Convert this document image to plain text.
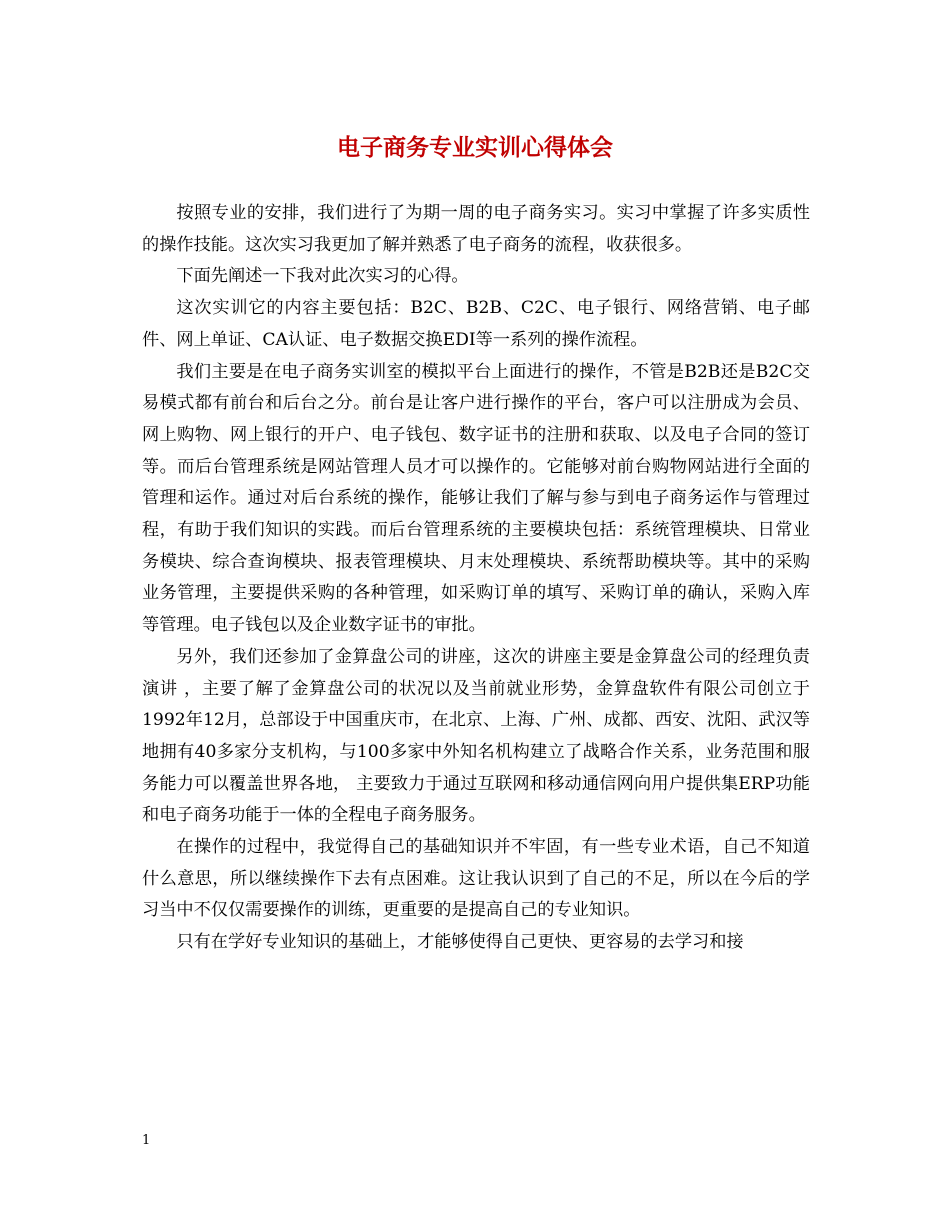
电子商务专业实训心得体会

按照专业的安排，我们进行了为期一周的电子商务实习。实习中掌握了许多实质性的操作技能。这次实习我更加了解并熟悉了电子商务的流程，收获很多。

下面先阐述一下我对此次实习的心得。

这次实训它的内容主要包括：B2C、B2B、C2C、电子银行、网络营销、电子邮件、网上单证、CA认证、电子数据交换EDI等一系列的操作流程。

我们主要是在电子商务实训室的模拟平台上面进行的操作，不管是B2B还是B2C交易模式都有前台和后台之分。前台是让客户进行操作的平台，客户可以注册成为会员、网上购物、网上银行的开户、电子钱包、数字证书的注册和获取、以及电子合同的签订等。而后台管理系统是网站管理人员才可以操作的。它能够对前台购物网站进行全面的管理和运作。通过对后台系统的操作，能够让我们了解与参与到电子商务运作与管理过程，有助于我们知识的实践。而后台管理系统的主要模块包括：系统管理模块、日常业务模块、综合查询模块、报表管理模块、月末处理模块、系统帮助模块等。其中的采购业务管理，主要提供采购的各种管理，如采购订单的填写、采购订单的确认，采购入库等管理。电子钱包以及企业数字证书的审批。

另外，我们还参加了金算盘公司的讲座，这次的讲座主要是金算盘公司的经理负责演讲 ，主要了解了金算盘公司的状况以及当前就业形势，金算盘软件有限公司创立于1992年12月，总部设于中国重庆市，在北京、上海、广州、成都、西安、沈阳、武汉等地拥有40多家分支机构，与100多家中外知名机构建立了战略合作关系，业务范围和服务能力可以覆盖世界各地， 主要致力于通过互联网和移动通信网向用户提供集ERP功能和电子商务功能于一体的全程电子商务服务。

在操作的过程中，我觉得自己的基础知识并不牢固，有一些专业术语，自己不知道什么意思，所以继续操作下去有点困难。这让我认识到了自己的不足，所以在今后的学习当中不仅仅需要操作的训练，更重要的是提高自己的专业知识。

只有在学好专业知识的基础上，才能够使得自己更快、更容易的去学习和接

1
